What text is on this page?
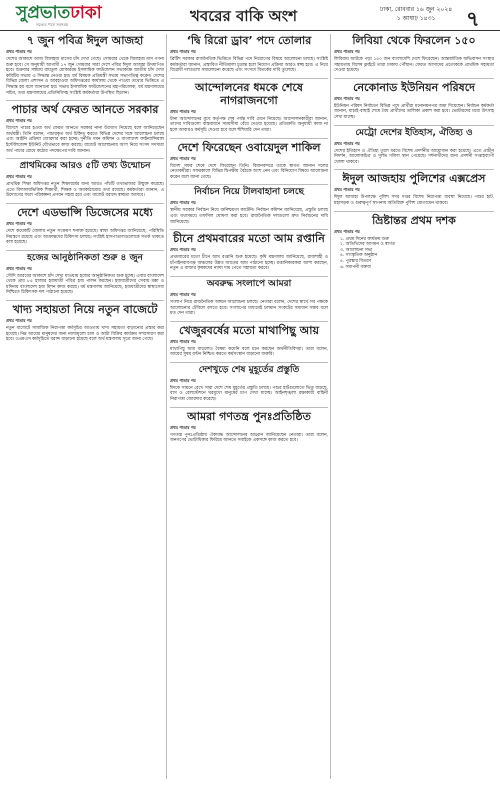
সুপ্রভাতঢাকা
সত্যের পথে সবসময়	খবরের বাকি অংশ	ঢাকা, রোববার ১৬ জুন ২০২৪
১ আষাঢ় ১৪৩১	৭
৭ জুন পবিত্র ঈদুল আজহা
প্রথম পাতার পর

দেশের আকাশে আজ জিলহজ মাসের চাঁদ দেখা গেছে। সোমবার থেকে জিলহজ মাস গণনা শুরু হবে। সে অনুযায়ী আগামী ১৭ জুন সোমবার সারা দেশে পবিত্র ঈদুল আজহা উদযাপিত হবে। শুক্রবার সন্ধ্যায় বায়তুল মোকাররম ইসলামিক ফাউন্ডেশন সভাকক্ষে জাতীয় চাঁদ দেখা কমিটির সভায় এ সিদ্ধান্ত নেওয়া হয়। ধর্ম বিষয়ক প্রতিমন্ত্রী সভায় সভাপতিত্ব করেন। দেশের বিভিন্ন জেলা প্রশাসন ও আবহাওয়া অধিদপ্তরের কার্যালয় থেকে পাওয়া তথ্যের ভিত্তিতে এ সিদ্ধান্ত হয় বলে জানানো হয়। সভায় ইসলামিক ফাউন্ডেশনের মহাপরিচালক, ধর্ম মন্ত্রণালয়ের সচিব, তথ্য মন্ত্রণালয়ের প্রতিনিধিসহ সংশ্লিষ্ট কর্মকর্তারা উপস্থিত ছিলেন।

পাচার অর্থ ফেরত আনতে সরকার
প্রথম পাতার পর

বিদেশে পাচার হওয়া অর্থ ফেরত আনতে সরকার নানা উদ্যোগ নিয়েছে বলে জানিয়েছেন অর্থমন্ত্রী। তিনি বলেন, পাচারকৃত অর্থ চিহ্নিত করতে বিভিন্ন দেশের সঙ্গে আলোচনা চলছে এবং আইনি প্রক্রিয়া জোরদার করা হচ্ছে। দুর্নীতি দমন কমিশন ও বাংলাদেশ ফাইন্যান্সিয়াল ইন্টেলিজেন্স ইউনিট যৌথভাবে কাজ করছে। বাজেট আলোচনায় অংশ নিয়ে সংসদ সদস্যরা অর্থ পাচার রোধে কঠোর পদক্ষেপের দাবি জানান।

প্রাথমিকের আরও ৫টি তথ্য উন্মোচন
প্রথম পাতার পর

প্রাথমিক শিক্ষা অধিদপ্তর নতুন শিক্ষাবর্ষের জন্য আরও পাঁচটি তথ্যভান্ডার উন্মুক্ত করেছে। এতে বিদ্যালয়ভিত্তিক শিক্ষার্থী, শিক্ষক ও অবকাঠামোর তথ্য রয়েছে। কর্মকর্তারা জানান, এ উদ্যোগের ফলে পরিকল্পনা প্রণয়ন সহজ হবে এবং বাজেট বরাদ্দে স্বচ্ছতা আসবে।

দেশে এডভান্সি ডিজেসের মধ্যে
প্রথম পাতার পর

দেশে কয়েকটি জেলায় নতুন সংক্রমণ শনাক্ত হয়েছে। স্বাস্থ্য অধিদপ্তর জানিয়েছে, পরিস্থিতি নিয়ন্ত্রণে রয়েছে এবং আক্রান্তদের চিকিৎসা চলছে। সংশ্লিষ্ট হাসপাতালগুলোকে সতর্ক থাকতে বলা হয়েছে।

হজের আনুষ্ঠানিকতা শুরু ৪ জুন
প্রথম পাতার পর

সৌদি আরবের আকাশে চাঁদ দেখা যাওয়ায় হজের আনুষ্ঠানিকতা শুরু হচ্ছে। এবার বাংলাদেশ থেকে প্রায় ৮৫ হাজার হজযাত্রী পবিত্র হজ পালন করছেন। হজযাত্রীদের সেবায় মক্কা ও মদিনায় বাংলাদেশ হজ মিশন কাজ করছে। ধর্ম মন্ত্রণালয় জানিয়েছে, হজযাত্রীদের স্বাস্থ্যসেবা নিশ্চিতে চিকিৎসক দল পাঠানো হয়েছে।

খাদ্য সহায়তা নিয়ে নতুন বাজেটে
প্রথম পাতার পর

নতুন বাজেটে সামাজিক নিরাপত্তা কর্মসূচির আওতায় খাদ্য সহায়তা বাড়ানোর প্রস্তাব করা হয়েছে। নিম্ন আয়ের মানুষদের জন্য ন্যায্যমূল্যে চাল ও আটা বিক্রির কার্যক্রম সম্প্রসারণ করা হবে। ওএমএস কর্মসূচিতে বরাদ্দ বাড়ানো হয়েছে বলে অর্থ মন্ত্রণালয় সূত্রে জানা গেছে।

‘দ্বি রিরো ড্রাব’ পদে তোলার
প্রথম পাতার পর

ব্রিটিশ সরকার রাজনৈতিক ভিত্তিতে বিভিন্ন পদে নিয়োগের বিষয়ে আলোচনা চলছে। সংশ্লিষ্ট কর্মকর্তারা জানান, প্রস্তাবিত নীতিমালা চূড়ান্ত হলে নিয়োগ প্রক্রিয়া আরও স্বচ্ছ হবে। এ নিয়ে বিরোধী দলগুলো সমালোচনা করেছে এবং সংসদে বিতর্কের দাবি তুলেছে।

আন্দোলনের ধমকে শেষে নাগরাজনগো
প্রথম পাতার পর

টানা আন্দোলনের মুখে কর্তৃপক্ষ শেষ পর্যন্ত দাবি মেনে নিয়েছে। আন্দোলনকারীরা জানান, তাদের দাবিগুলো বাস্তবায়নে সময়সীমা বেঁধে দেওয়া হয়েছে। প্রতিশ্রুতি অনুযায়ী কাজ না হলে আবারও কর্মসূচি দেওয়া হবে বলে হুঁশিয়ারি দেন তারা।

দেশে ফিরেছেন ওবায়েদুল শাকিল
প্রথম পাতার পর

বিদেশ সফর শেষে দেশে ফিরেছেন তিনি। বিমানবন্দরে তাকে স্বাগত জানান দলের নেতাকর্মীরা। সফরকালে বিভিন্ন দ্বিপক্ষীয় বৈঠকে অংশ নেন এবং বিনিয়োগ বিষয়ে আলোচনা করেন বলে জানা গেছে।

নির্বাচন নিয়ে টালবাহানা চলছে
প্রথম পাতার পর

স্থানীয় সরকার নির্বাচন নিয়ে অনিশ্চয়তা কাটেনি। নির্বাচন কমিশন জানিয়েছে, প্রস্তুতি চলছে এবং যথাসময়ে তফসিল ঘোষণা করা হবে। রাজনৈতিক দলগুলো দ্রুত নির্বাচনের দাবি জানিয়েছে।

চীনে প্রথমবারের মতো আম রপ্তানি
প্রথম পাতার পর

প্রথমবারের মতো চীনে আম রপ্তানি শুরু হয়েছে। কৃষি মন্ত্রণালয় জানিয়েছে, রাজশাহী ও চাঁপাইনবাবগঞ্জ অঞ্চলের উন্নত জাতের আম পাঠানো হচ্ছে। রপ্তানিকারকরা আশা করছেন, নতুন এ বাজার কৃষকদের ন্যায্য দাম পেতে সহায়তা করবে।

অবরুদ্ধ সংলাপে আমরা
প্রথম পাতার পর

সংলাপ নিয়ে রাজনৈতিক অঙ্গনে আলোচনা চলছে। নেতারা বলেন, দেশের স্বার্থে সব পক্ষকে আলোচনার টেবিলে বসতে হবে। সংলাপের মাধ্যমেই চলমান সংকটের সমাধান সম্ভব বলে মত দেন তারা।

খেজুরবর্ষের মতো মাথাপিছু আয়
প্রথম পাতার পর

মাথাপিছু আয় বাড়লেও বৈষম্য কমেনি বলে মনে করছেন অর্থনীতিবিদরা। তারা বলেন, আয়ের সুষম বণ্টন নিশ্চিত করতে কর্মসংস্থান বাড়ানো জরুরি।

দেশখুড়ে শেষ মুহূর্তের প্রস্তুতি
প্রথম পাতার পর

ঈদকে সামনে রেখে সারা দেশে শেষ মুহূর্তের প্রস্তুতি চলছে। পশুর হাটগুলোতে ভিড় বাড়ছে, বাস ও রেলস্টেশনে ঘরমুখো মানুষের চাপ দেখা যাচ্ছে। আইনশৃঙ্খলা রক্ষাকারী বাহিনী নিরাপত্তা জোরদার করেছে।

আমরা গণতন্ত্র পুনঃপ্রতিষ্ঠিত
প্রথম পাতার পর

গণতন্ত্র পুনঃপ্রতিষ্ঠায় ঐক্যবদ্ধ আন্দোলনের আহ্বান জানিয়েছেন নেতারা। তারা বলেন, জনগণের ভোটাধিকার ফিরিয়ে আনতে সবাইকে একসঙ্গে কাজ করতে হবে।

লিবিয়া থেকে ফিরলেন ১৫০
প্রথম পাতার পর

লিবিয়ায় আটকে পড়া ১৫০ জন বাংলাদেশি দেশে ফিরেছেন। আন্তর্জাতিক অভিবাসন সংস্থার সহায়তায় বিশেষ ফ্লাইটে তারা ঢাকায় পৌঁছান। ফেরত আসাদের প্রত্যেককে প্রাথমিক সহায়তা দেওয়া হয়েছে।

নেকোনাড ইউনিয়ন পরিষদে
প্রথম পাতার পর

ইউনিয়ন পরিষদ নির্বাচনে বিভিন্ন পদে প্রার্থীরা মনোনয়নপত্র জমা দিয়েছেন। নির্বাচন কর্মকর্তা জানান, যাচাই-বাছাই শেষে বৈধ প্রার্থীদের তালিকা প্রকাশ করা হবে। ভোটারদের মধ্যে উৎসাহ দেখা যাচ্ছে।

মেট্রো দেশের ইতিহাস, ঐতিহ্য ও
প্রথম পাতার পর

দেশের ইতিহাস ও ঐতিহ্য তুলে ধরতে বিশেষ প্রদর্শনীর আয়োজন করা হয়েছে। এতে প্রাচীন নিদর্শন, আলোকচিত্র ও দুর্লভ দলিল স্থান পেয়েছে। দর্শনার্থীদের জন্য প্রদর্শনী সপ্তাহব্যাপী খোলা থাকবে।

ঈদুল আজহায় পুলিশের এক্সপ্রেস
প্রথম পাতার পর

ঈদুল আজহা উপলক্ষে পুলিশ সদর দপ্তর বিশেষ নিরাপত্তা ব্যবস্থা নিয়েছে। পশুর হাট, মহাসড়ক ও গুরুত্বপূর্ণ স্থাপনায় অতিরিক্ত পুলিশ মোতায়েন থাকবে।

ভ্রিষ্টান্তর প্রথম দশক
প্রথম পাতার পর
• ১. প্রথম দিনের কার্যক্রম শুরু
• ২. অতিথিদের আগমন ও স্বাগত
• ৩. আলোচনা সভা
• ৪. সাংস্কৃতিক অনুষ্ঠান
• ৫. পুরস্কার বিতরণ
• ৬. সমাপনী বক্তব্য
